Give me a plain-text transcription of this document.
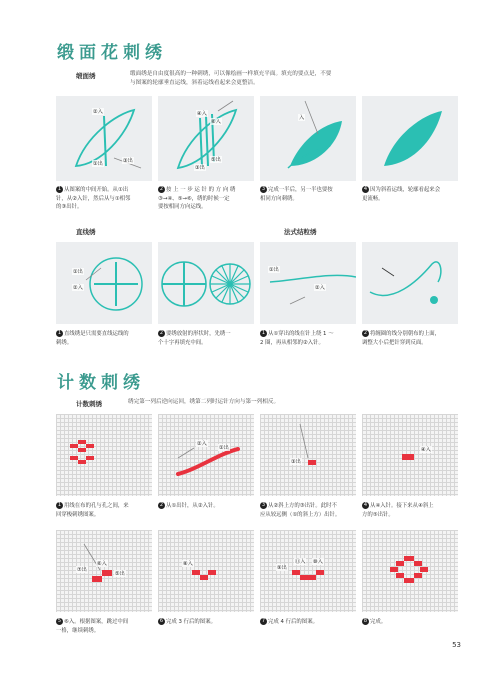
缎面花刺绣
缎面绣	缎面绣是自由度很高的一种刺绣，可以像绘画一样填充平面。填充的要点是，不要
与图案的轮廓垂直运线，斜着运线看起来会更整洁。
②入
①出	③出
④入
⑥入
③出
⑤出
入
1 从图案的中间开始。从①出
针，从②入针，然后从与①相邻
的③出针。
2 按 上 一 步 运 针 的 方 向 绣
③→④、⑤→⑥，绣的时候一定
要按相同方向运线。
3 完成一半后，另一半也要按
相同方向刺绣。
4 因为斜着运线，轮廓看起来会
更流畅。
直线绣	法式结粒绣
①出
②入
①出
②入
1 直线绣是只需要直线运线的
刺绣。
2 要绣放射的形状时，先绣一
个十字再填充中间。
1 从①穿出的线在针上绕 1 ～
2 圈，再从相邻的②入针。
2 将缠圈的线分别朝布的上面，
调整大小后把针穿到反面。
计数刺绣
计数刺绣	绣完第一列后逆向运回，绣第二列时运针方向与第一列相反。
②入
①出
③出
④入
1 用线在布的孔与孔之间，来
回穿梭刺绣图案。
2 从①出针，从②入针。	3 从②斜上方的③出针。此时不
应从较远侧（①的斜上方）出针。
4 从④入针。接下来从④斜上
方的⑤出针。
⑥入
⑦出
⑤出
⑧入	⑪入 ⑩入
⑨出
5 ⑥入。根据图案，跳过中间
一格，继续刺绣。
6 完成 3 行后的图案。	7 完成 4 行后的图案。	8 完成。
53
